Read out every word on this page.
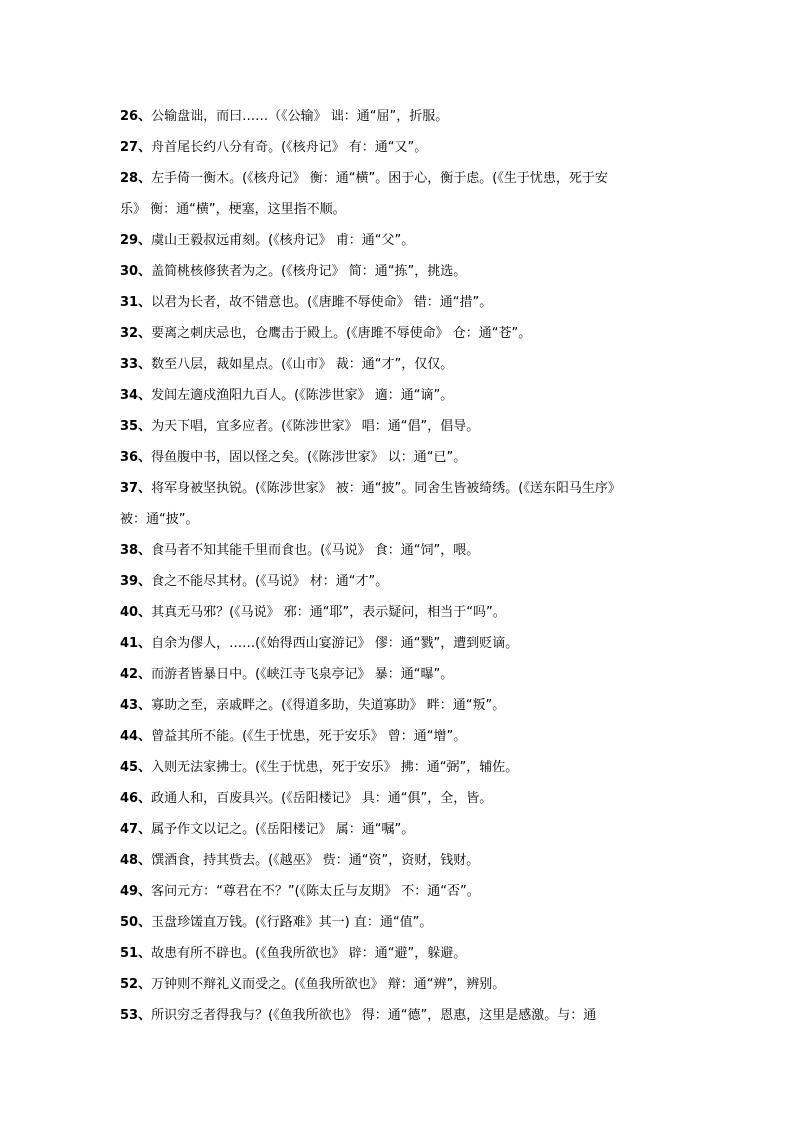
26、公输盘诎，而曰……（《公输》 诎：通“屈”，折服。

27、舟首尾长约八分有奇。(《核舟记》 有：通“又”。

28、左手倚一衡木。(《核舟记》 衡：通“横”。困于心，衡于虑。(《生于忧患，死于安

乐》 衡：通“横”，梗塞，这里指不顺。

29、虞山王毅叔远甫刻。(《核舟记》 甫：通“父”。

30、盖简桃核修狭者为之。(《核舟记》 简：通“拣”，挑选。

31、以君为长者，故不错意也。(《唐雎不辱使命》 错：通“措”。

32、要离之刺庆忌也，仓鹰击于殿上。(《唐雎不辱使命》 仓：通“苍”。

33、数至八层，裁如星点。(《山市》 裁：通“才”，仅仅。

34、发闾左適戍渔阳九百人。(《陈涉世家》 適：通“谪”。

35、为天下唱，宜多应者。(《陈涉世家》 唱：通“倡”，倡导。

36、得鱼腹中书，固以怪之矣。(《陈涉世家》 以：通“已”。

37、将军身被坚执锐。(《陈涉世家》 被：通“披”。同舍生皆被绮绣。(《送东阳马生序》

被：通“披”。

38、食马者不知其能千里而食也。(《马说》 食：通“饲”，喂。

39、食之不能尽其材。(《马说》 材：通“才”。

40、其真无马邪？(《马说》 邪：通“耶”，表示疑问，相当于“吗”。

41、自余为僇人，……(《始得西山宴游记》 僇：通“戮”，遭到贬谪。

42、而游者皆暴日中。(《峡江寺飞泉亭记》 暴：通“曝”。

43、寡助之至，亲戚畔之。(《得道多助，失道寡助》 畔：通“叛”。

44、曾益其所不能。(《生于忧患，死于安乐》 曾：通“增”。

45、入则无法家拂士。(《生于忧患，死于安乐》 拂：通“弼”，辅佐。

46、政通人和，百废具兴。(《岳阳楼记》 具：通“俱”，全，皆。

47、属予作文以记之。(《岳阳楼记》 属：通“嘱”。

48、馔酒食，持其赀去。(《越巫》 赀：通“资”，资财，钱财。

49、客问元方：“尊君在不？”(《陈太丘与友期》 不：通“否”。

50、玉盘珍馐直万钱。(《行路难》其一) 直：通“值”。

51、故患有所不辟也。(《鱼我所欲也》 辟：通“避”，躲避。

52、万钟则不辩礼义而受之。(《鱼我所欲也》 辩：通“辨”，辨别。

53、所识穷乏者得我与？(《鱼我所欲也》 得：通“德”，恩惠，这里是感激。与：通
